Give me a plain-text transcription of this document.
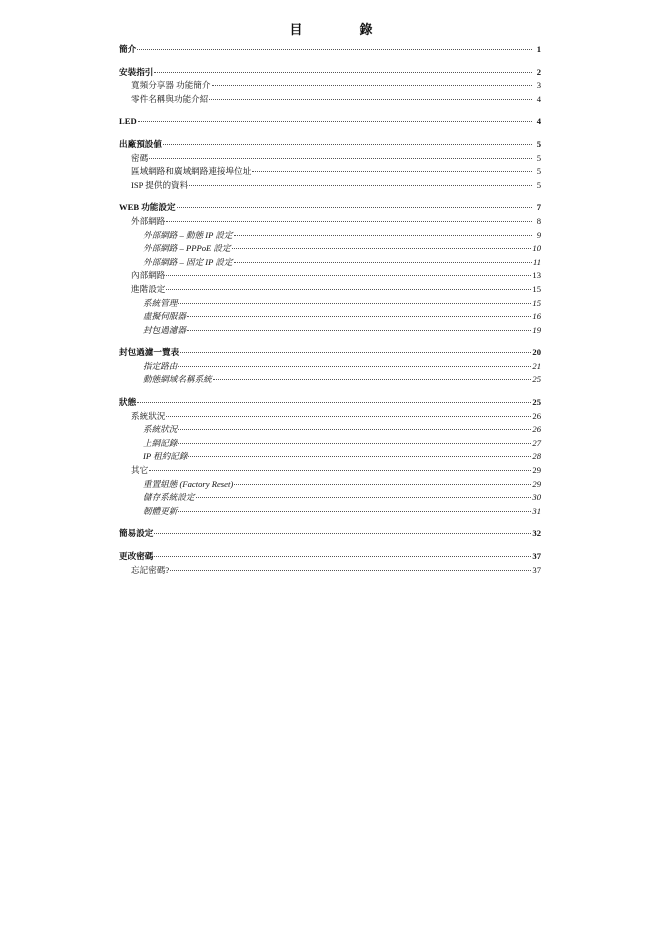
目　錄
簡介	1
安裝指引	2
寬頻分享器 功能簡介	3
零件名稱與功能介紹	4
LED	4
出廠預設値	5
密碼	5
區域網路和廣域網路連接埠位址	5
ISP 提供的資料	5
WEB 功能設定	7
外部網路	8
外部網路 – 動態 IP 設定	9
外部網路 – PPPoE 設定	10
外部網路 – 固定 IP 設定	11
內部網路	13
進階設定	15
系統管理	15
虛擬伺服器	16
封包過濾器	19
封包過濾一覽表	20
指定路由	21
動態網域名稱系統	25
狀態	25
系統狀況	26
系統狀況	26
上網記錄	27
IP 租約記錄	28
其它	29
重置組態 (Factory Reset)	29
儲存系統設定	30
韌體更新	31
簡易設定	32
更改密碼	37
忘記密碼?	37
